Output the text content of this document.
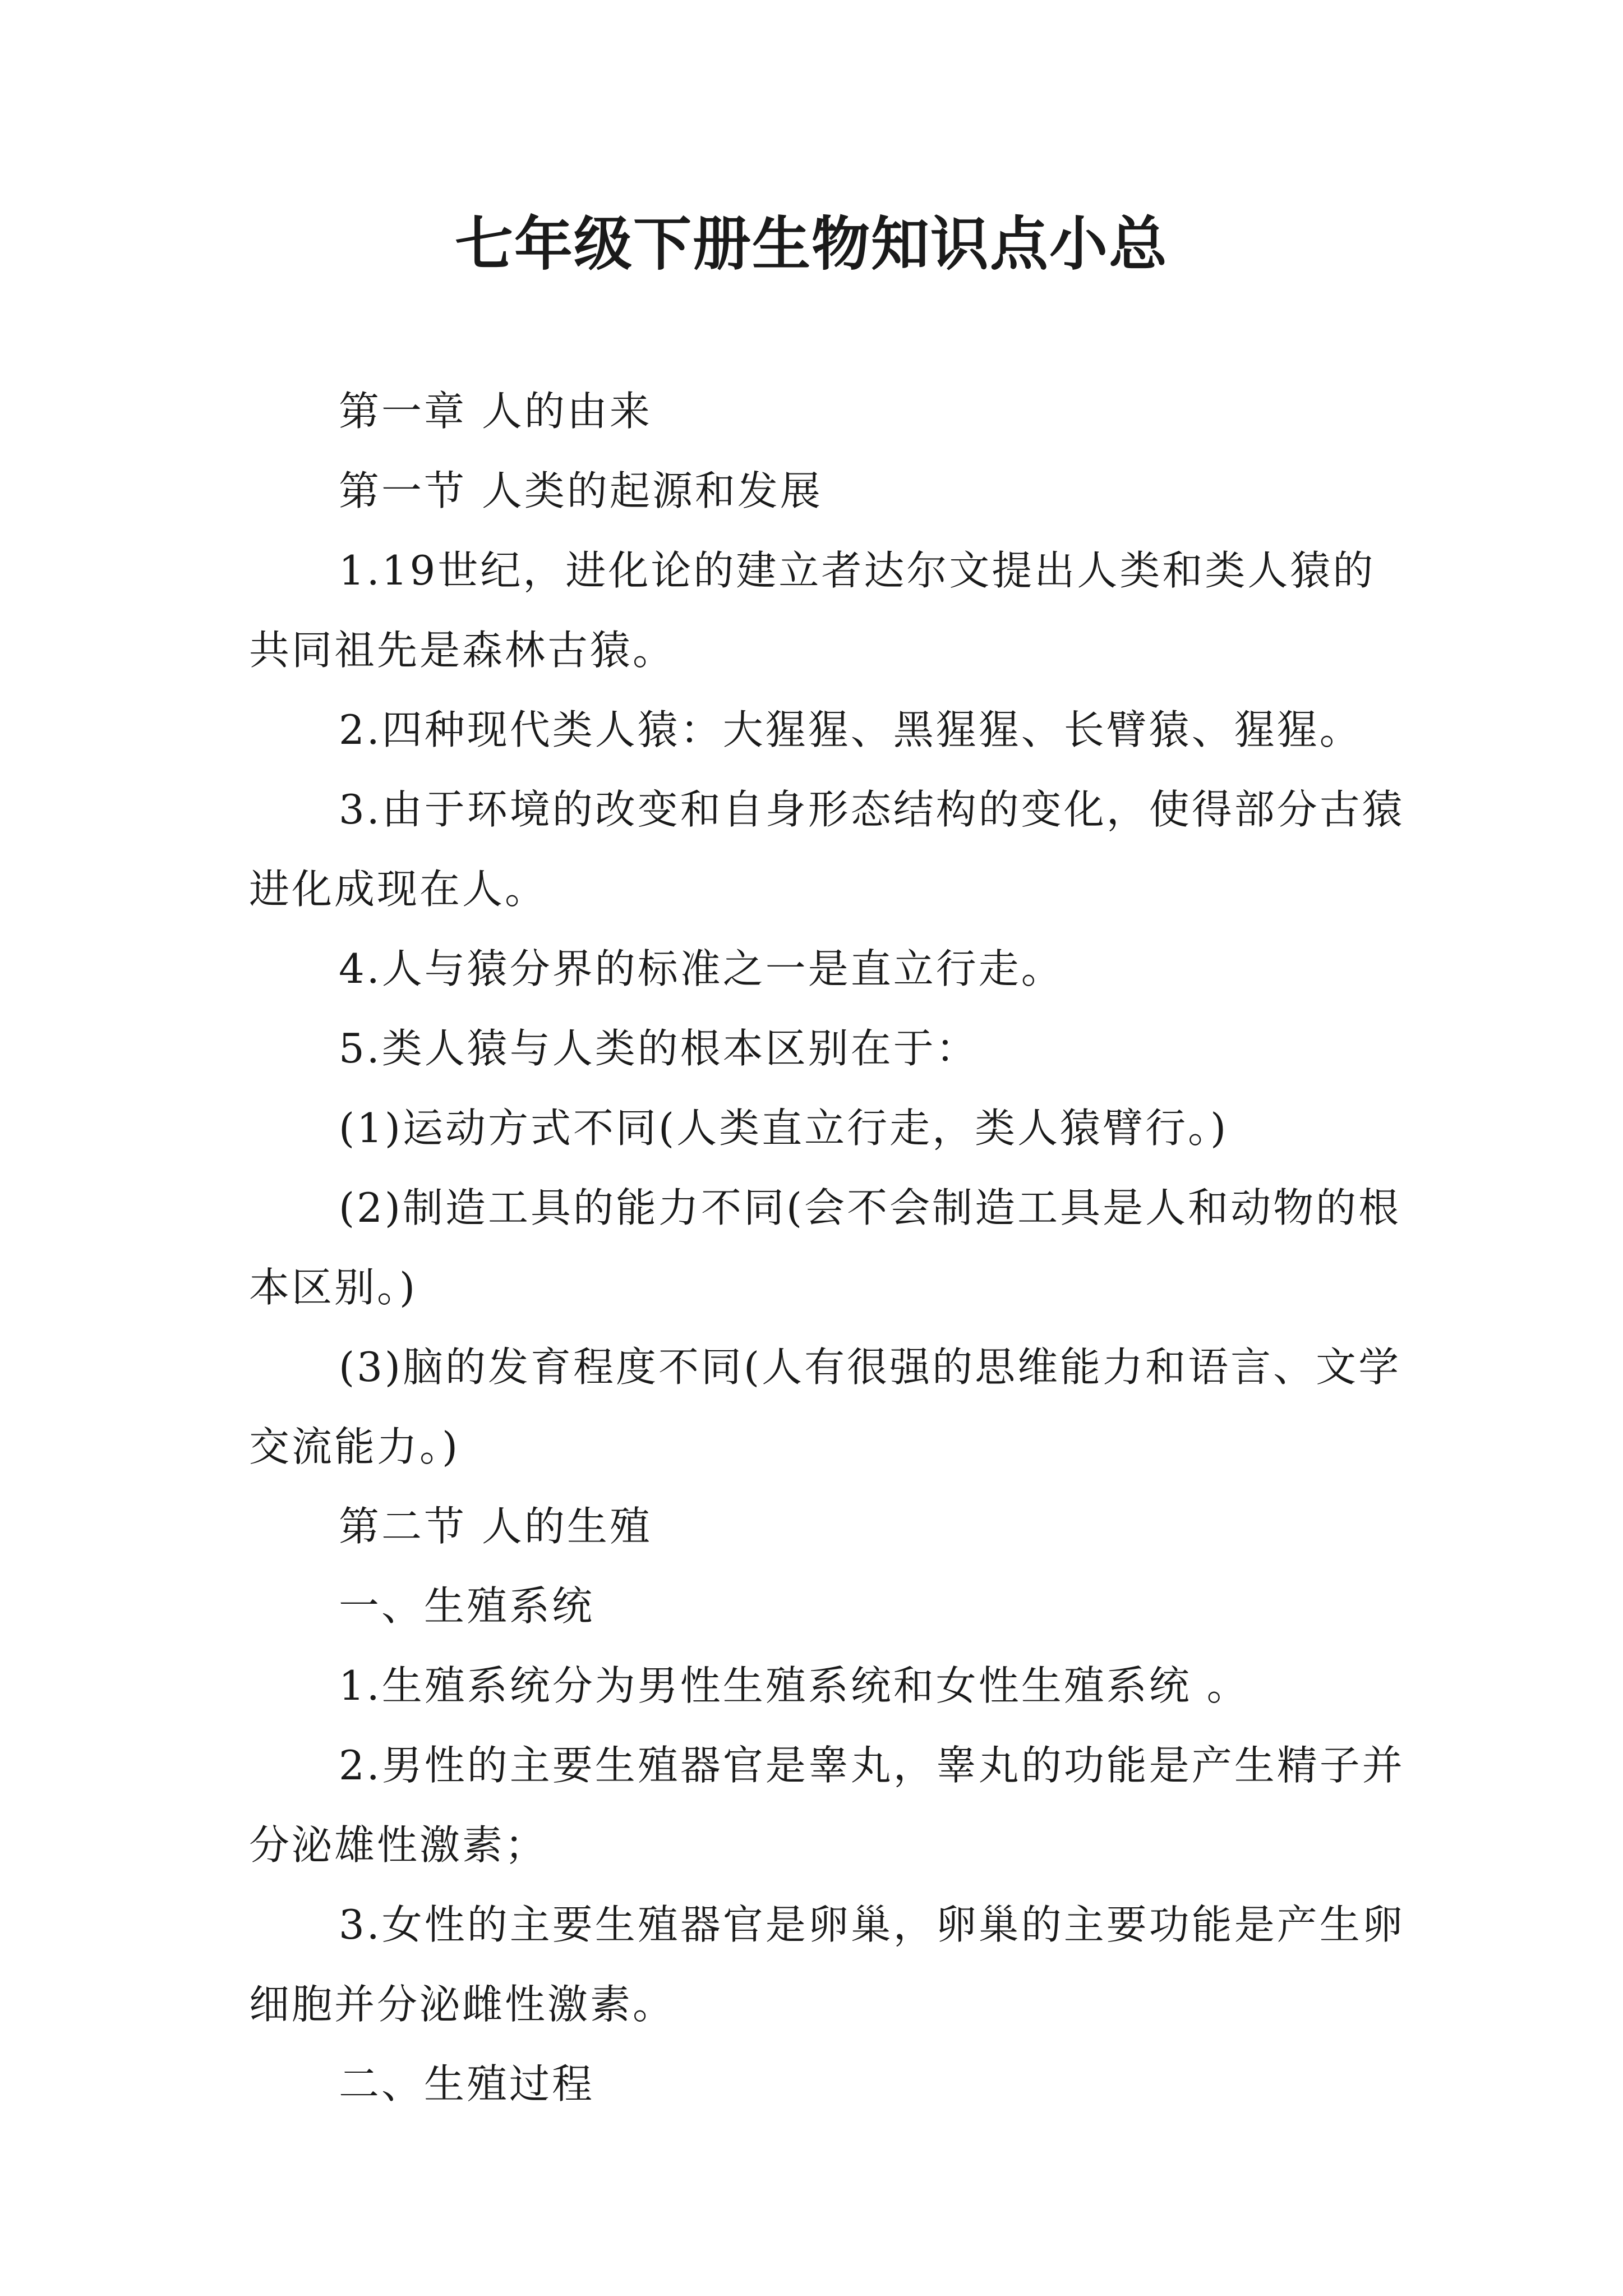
七年级下册生物知识点小总

第一章 人的由来

第一节 人类的起源和发展

1.19世纪，进化论的建立者达尔文提出人类和类人猿的共同祖先是森林古猿。

2.四种现代类人猿：大猩猩、黑猩猩、长臂猿、猩猩。

3.由于环境的改变和自身形态结构的变化，使得部分古猿进化成现在人。

4.人与猿分界的标准之一是直立行走。

5.类人猿与人类的根本区别在于：

(1)运动方式不同(人类直立行走，类人猿臂行。)

(2)制造工具的能力不同(会不会制造工具是人和动物的根本区别。)

(3)脑的发育程度不同(人有很强的思维能力和语言、文学交流能力。)

第二节 人的生殖

一、生殖系统

1.生殖系统分为男性生殖系统和女性生殖系统 。

2.男性的主要生殖器官是睾丸，睾丸的功能是产生精子并分泌雄性激素；

3.女性的主要生殖器官是卵巢，卵巢的主要功能是产生卵细胞并分泌雌性激素。

二、生殖过程
